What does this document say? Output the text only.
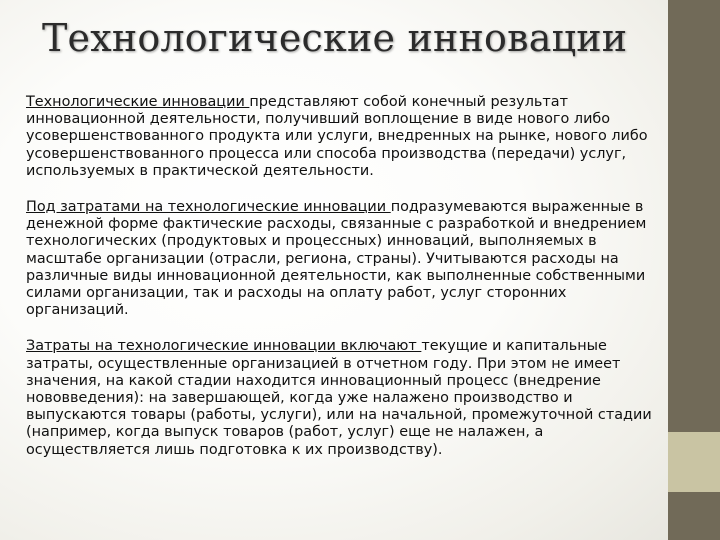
Технологические инновации

Технологические инновации представляют собой конечный результат инновационной деятельности, получивший воплощение в виде нового либо усовершенствованного продукта или услуги, внедренных на рынке, нового либо усовершенствованного процесса или способа производства (передачи) услуг, используемых в практической деятельности.

Под затратами на технологические инновации подразумеваются выраженные в денежной форме фактические расходы, связанные с разработкой и внедрением технологических (продуктовых и процессных) инноваций, выполняемых в масштабе организации (отрасли, региона, страны). Учитываются расходы на различные виды инновационной деятельности, как выполненные собственными силами организации, так и расходы на оплату работ, услуг сторонних организаций.

Затраты на технологические инновации включают текущие и капитальные затраты, осуществленные организацией в отчетном году. При этом не имеет значения, на какой стадии находится инновационный процесс (внедрение нововведения): на завершающей, когда уже налажено производство и выпускаются товары (работы, услуги), или на начальной, промежуточной стадии (например, когда выпуск товаров (работ, услуг) еще не налажен, а осуществляется лишь подготовка к их производству).
